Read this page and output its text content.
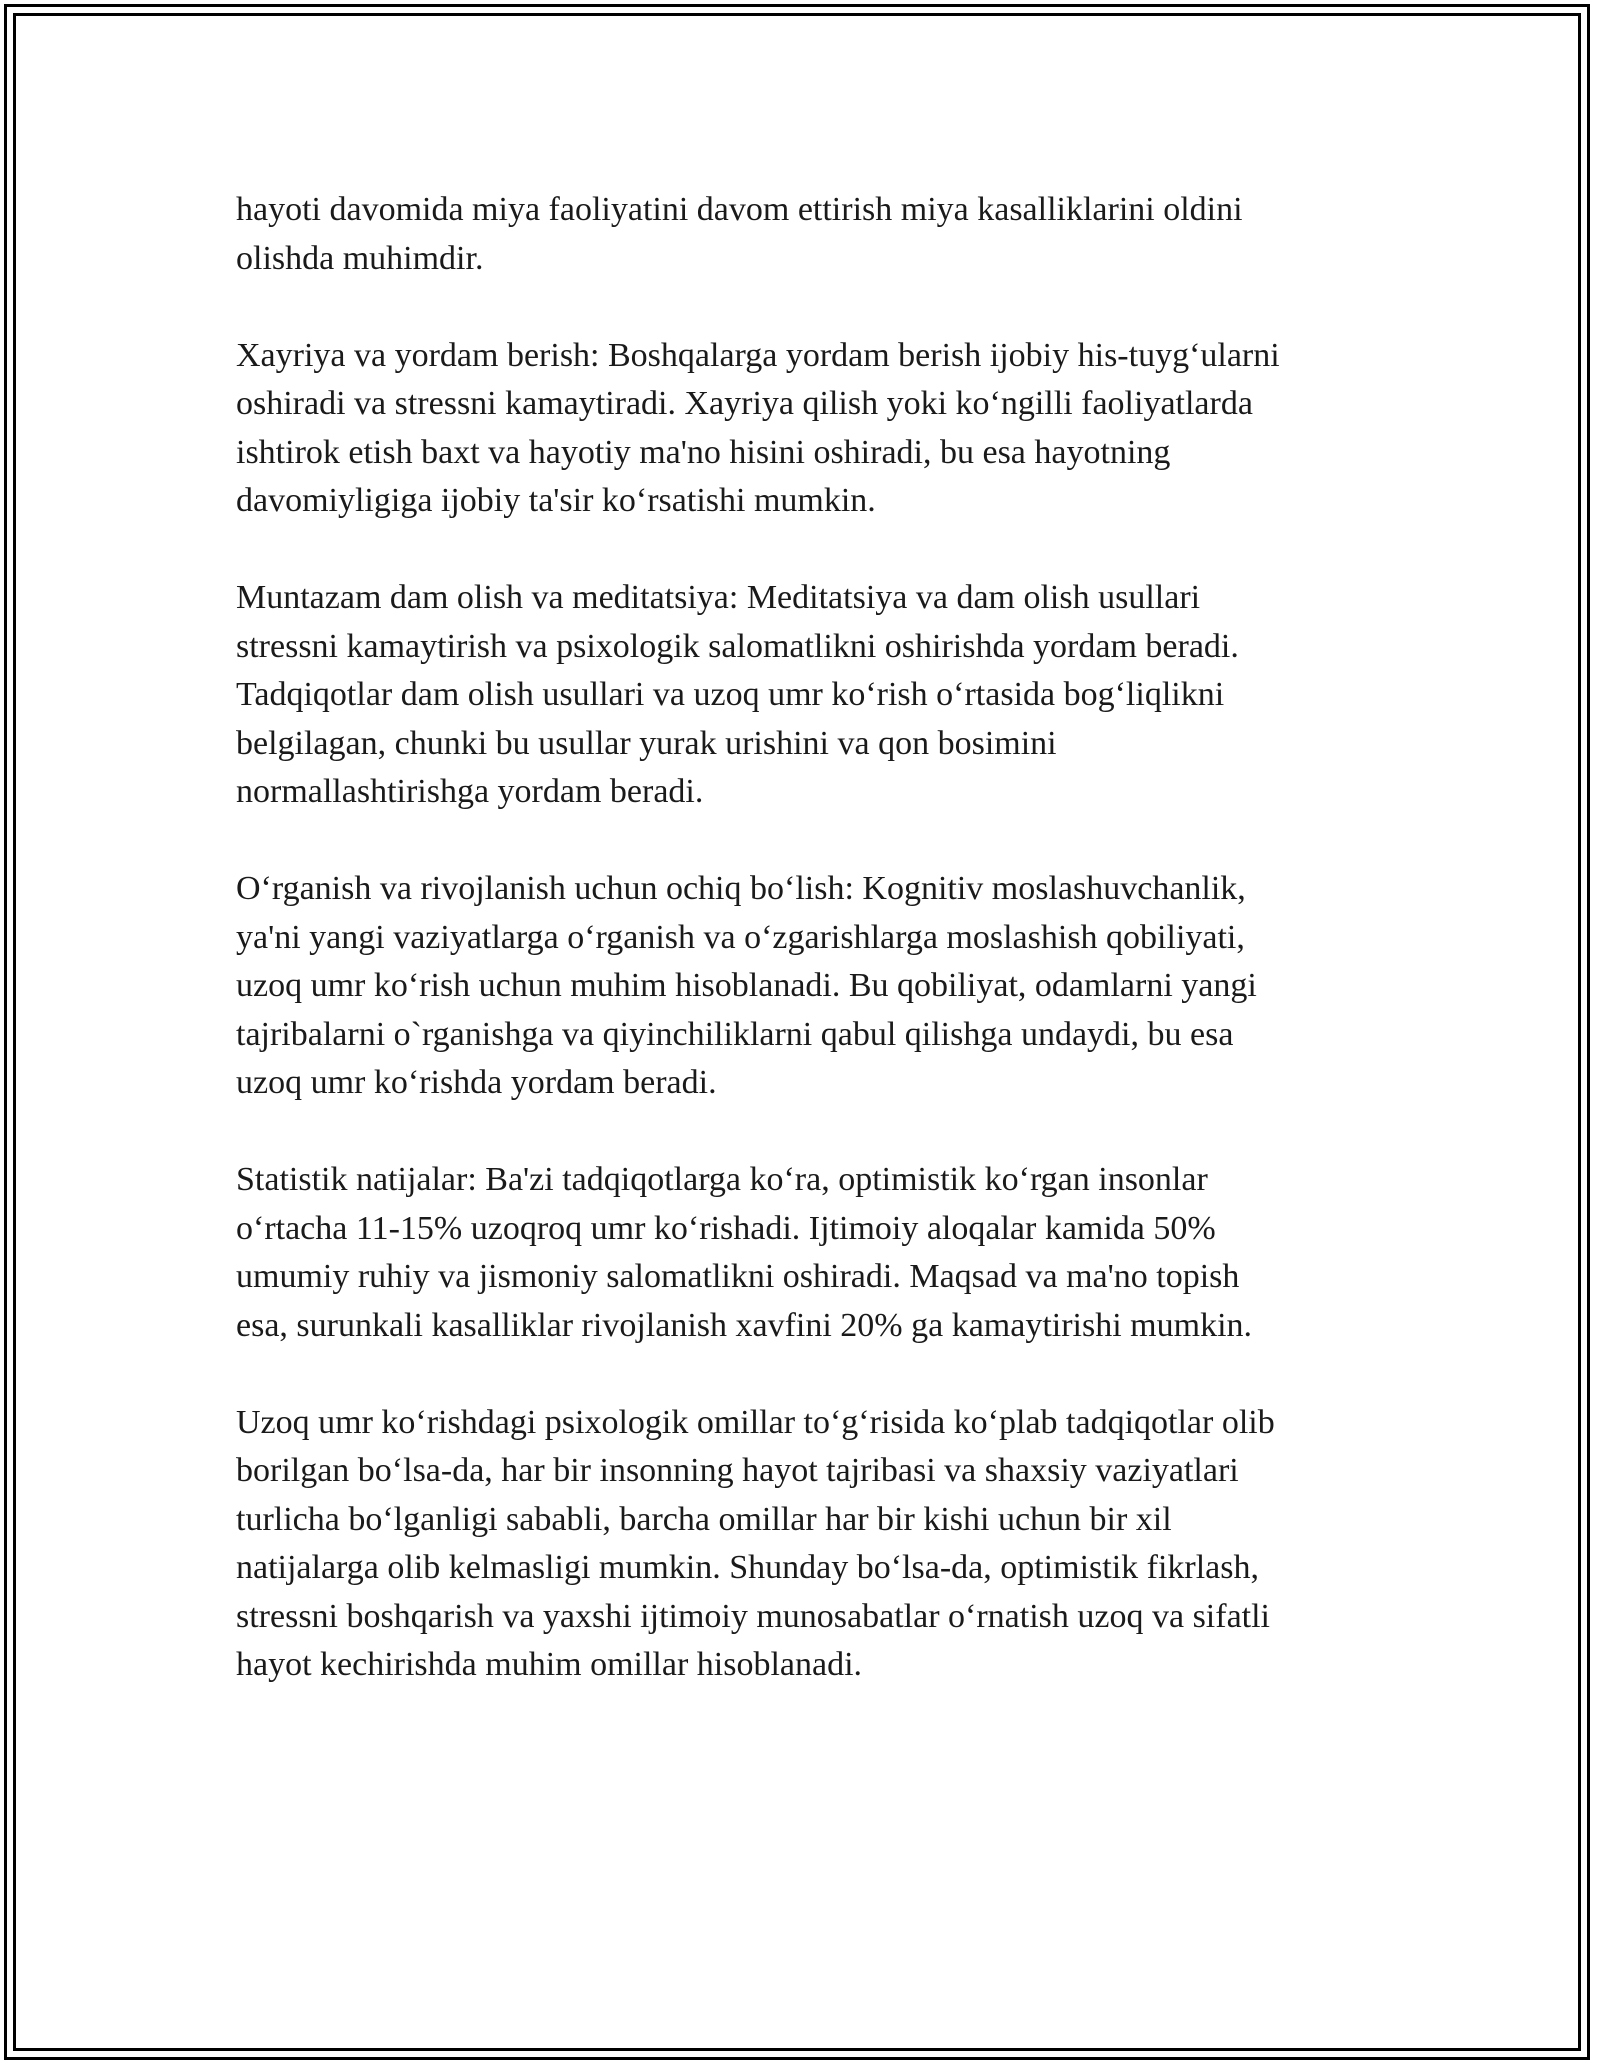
hayoti davomida miya faoliyatini davom ettirish miya kasalliklarini oldini
olishda muhimdir.

Xayriya va yordam berish: Boshqalarga yordam berish ijobiy his-tuyg‘ularni
oshiradi va stressni kamaytiradi. Xayriya qilish yoki ko‘ngilli faoliyatlarda
ishtirok etish baxt va hayotiy ma'no hisini oshiradi, bu esa hayotning
davomiyligiga ijobiy ta'sir ko‘rsatishi mumkin.

Muntazam dam olish va meditatsiya: Meditatsiya va dam olish usullari
stressni kamaytirish va psixologik salomatlikni oshirishda yordam beradi.
Tadqiqotlar dam olish usullari va uzoq umr ko‘rish o‘rtasida bog‘liqlikni
belgilagan, chunki bu usullar yurak urishini va qon bosimini
normallashtirishga yordam beradi.

O‘rganish va rivojlanish uchun ochiq bo‘lish: Kognitiv moslashuvchanlik,
ya'ni yangi vaziyatlarga o‘rganish va o‘zgarishlarga moslashish qobiliyati,
uzoq umr ko‘rish uchun muhim hisoblanadi. Bu qobiliyat, odamlarni yangi
tajribalarni o`rganishga va qiyinchiliklarni qabul qilishga undaydi, bu esa
uzoq umr ko‘rishda yordam beradi.

Statistik natijalar: Ba'zi tadqiqotlarga ko‘ra, optimistik ko‘rgan insonlar
o‘rtacha 11-15% uzoqroq umr ko‘rishadi. Ijtimoiy aloqalar kamida 50%
umumiy ruhiy va jismoniy salomatlikni oshiradi. Maqsad va ma'no topish
esa, surunkali kasalliklar rivojlanish xavfini 20% ga kamaytirishi mumkin.

Uzoq umr ko‘rishdagi psixologik omillar to‘g‘risida ko‘plab tadqiqotlar olib
borilgan bo‘lsa-da, har bir insonning hayot tajribasi va shaxsiy vaziyatlari
turlicha bo‘lganligi sababli, barcha omillar har bir kishi uchun bir xil
natijalarga olib kelmasligi mumkin. Shunday bo‘lsa-da, optimistik fikrlash,
stressni boshqarish va yaxshi ijtimoiy munosabatlar o‘rnatish uzoq va sifatli
hayot kechirishda muhim omillar hisoblanadi.
